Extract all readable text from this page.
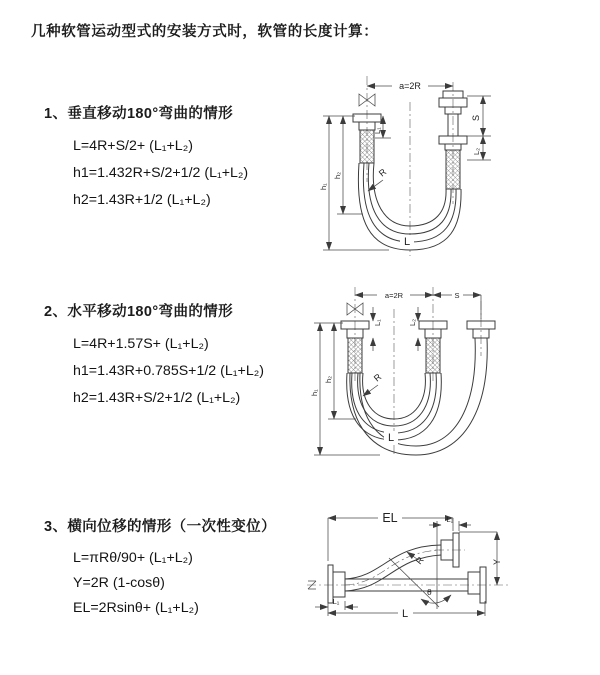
几种软管运动型式的安装方式时，软管的长度计算：
1、垂直移动180°弯曲的情形
L=4R+S/2+ (L₁+L₂)
h1=1.432R+S/2+1/2 (L₁+L₂)
h2=1.43R+1/2 (L₁+L₂)
2、水平移动180°弯曲的情形
L=4R+1.57S+ (L₁+L₂)
h1=1.43R+0.785S+1/2 (L₁+L₂)
h2=1.43R+S/2+1/2 (L₁+L₂)
3、横向位移的情形（一次性变位）
L=πRθ/90+ (L₁+L₂)
Y=2R (1-cosθ)
EL=2Rsinθ+ (L₁+L₂)
a=2R
L
h₁
h₂
L₁
S
L₂
R
a=2R	S
L
h₁
h₂
L₁	L₂
R
EL	L₂
Y
R
θ
L
L₁
